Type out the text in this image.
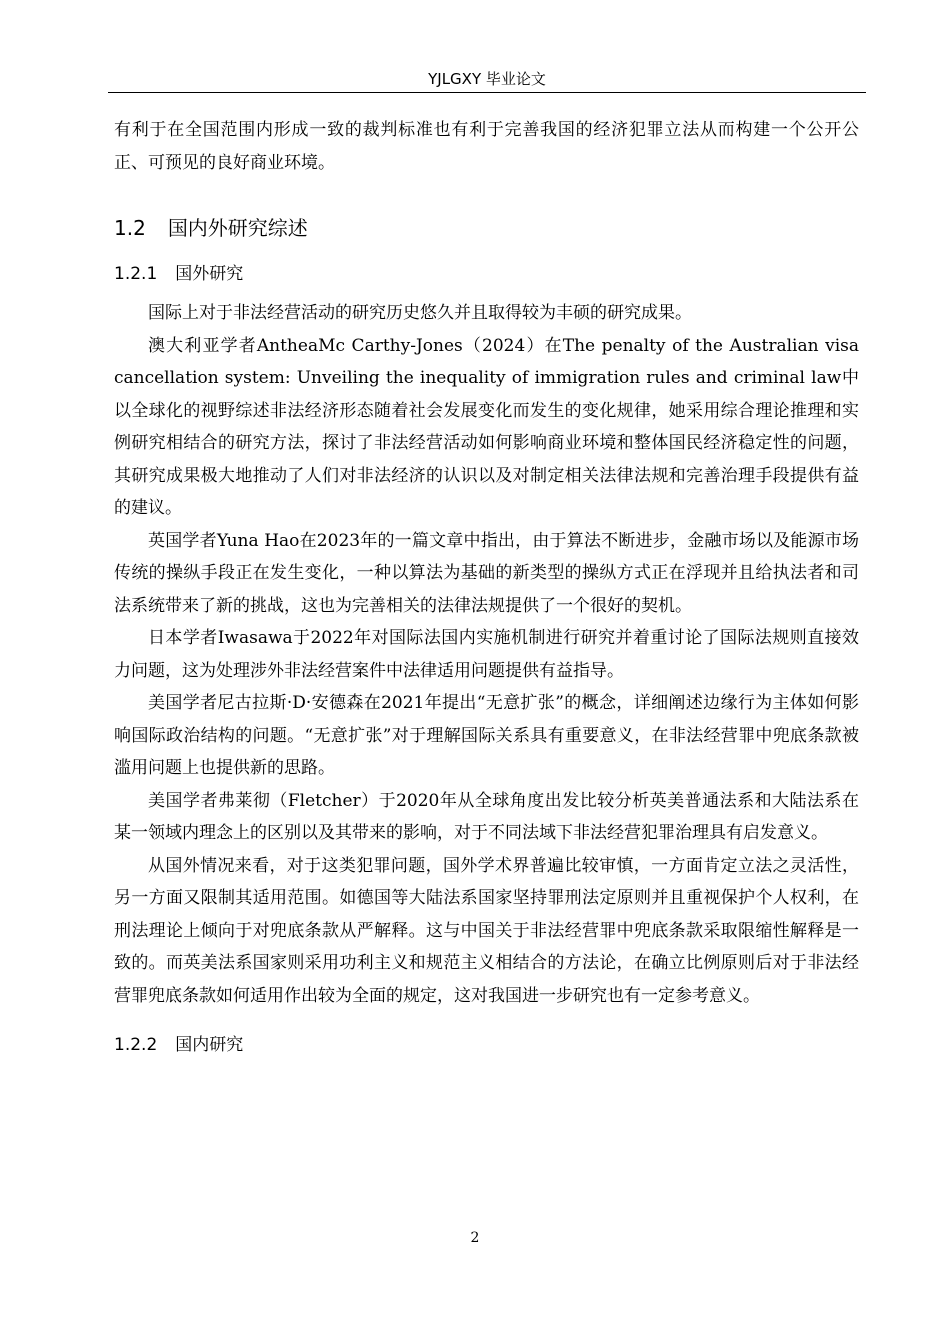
YJLGXY 毕业论文

有利于在全国范围内形成一致的裁判标准也有利于完善我国的经济犯罪立法从而构建一个公开公正、可预见的良好商业环境。

1.2 国内外研究综述
1.2.1 国外研究

国际上对于非法经营活动的研究历史悠久并且取得较为丰硕的研究成果。

澳大利亚学者AntheaMc Carthy-Jones（2024）在The penalty of the Australian visa cancellation system: Unveiling the inequality of immigration rules and criminal law中以全球化的视野综述非法经济形态随着社会发展变化而发生的变化规律，她采用综合理论推理和实例研究相结合的研究方法，探讨了非法经营活动如何影响商业环境和整体国民经济稳定性的问题，其研究成果极大地推动了人们对非法经济的认识以及对制定相关法律法规和完善治理手段提供有益的建议。

英国学者Yuna Hao在2023年的一篇文章中指出，由于算法不断进步，金融市场以及能源市场传统的操纵手段正在发生变化，一种以算法为基础的新类型的操纵方式正在浮现并且给执法者和司法系统带来了新的挑战，这也为完善相关的法律法规提供了一个很好的契机。

日本学者Iwasawa于2022年对国际法国内实施机制进行研究并着重讨论了国际法规则直接效力问题，这为处理涉外非法经营案件中法律适用问题提供有益指导。

美国学者尼古拉斯·D·安德森在2021年提出“无意扩张”的概念，详细阐述边缘行为主体如何影响国际政治结构的问题。“无意扩张”对于理解国际关系具有重要意义，在非法经营罪中兜底条款被滥用问题上也提供新的思路。

美国学者弗莱彻（Fletcher）于2020年从全球角度出发比较分析英美普通法系和大陆法系在某一领域内理念上的区别以及其带来的影响，对于不同法域下非法经营犯罪治理具有启发意义。

从国外情况来看，对于这类犯罪问题，国外学术界普遍比较审慎，一方面肯定立法之灵活性，另一方面又限制其适用范围。如德国等大陆法系国家坚持罪刑法定原则并且重视保护个人权利，在刑法理论上倾向于对兜底条款从严解释。这与中国关于非法经营罪中兜底条款采取限缩性解释是一致的。而英美法系国家则采用功利主义和规范主义相结合的方法论，在确立比例原则后对于非法经营罪兜底条款如何适用作出较为全面的规定，这对我国进一步研究也有一定参考意义。

1.2.2 国内研究
2
